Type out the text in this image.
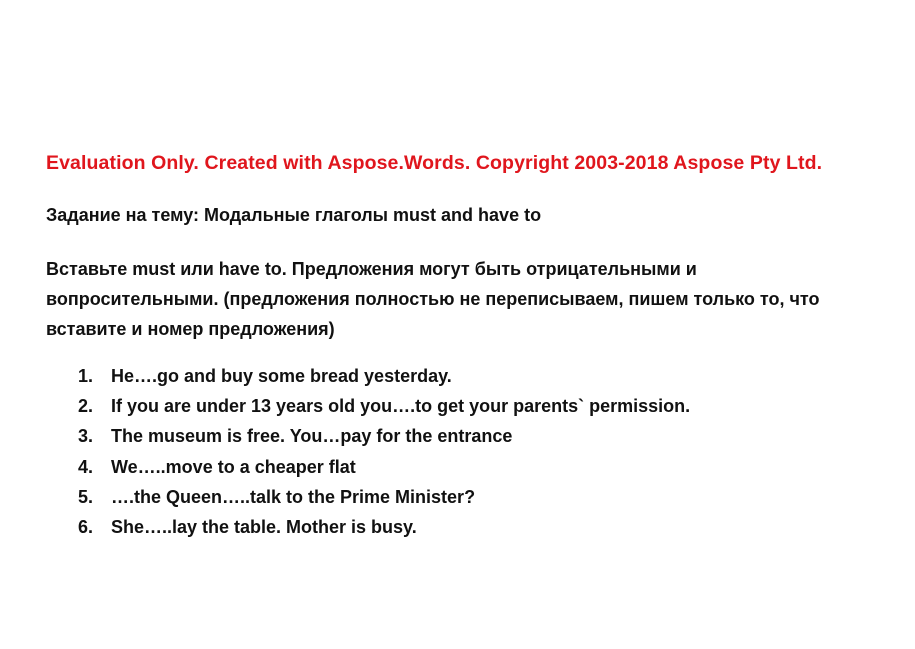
Evaluation Only. Created with Aspose.Words. Copyright 2003-2018 Aspose Pty Ltd.

Задание на тему: Модальные глаголы must and have to

Вставьте must или have to. Предложения могут быть отрицательными и
вопросительными. (предложения полностью не переписываем, пишем только то, что
вставите и номер предложения)

1. He….go and buy some bread yesterday.
2. If you are under 13 years old you….to get your parents` permission.
3. The museum is free. You…pay for the entrance
4. We…..move to a cheaper flat
5. ….the Queen…..talk to the Prime Minister?
6. She…..lay the table. Mother is busy.
